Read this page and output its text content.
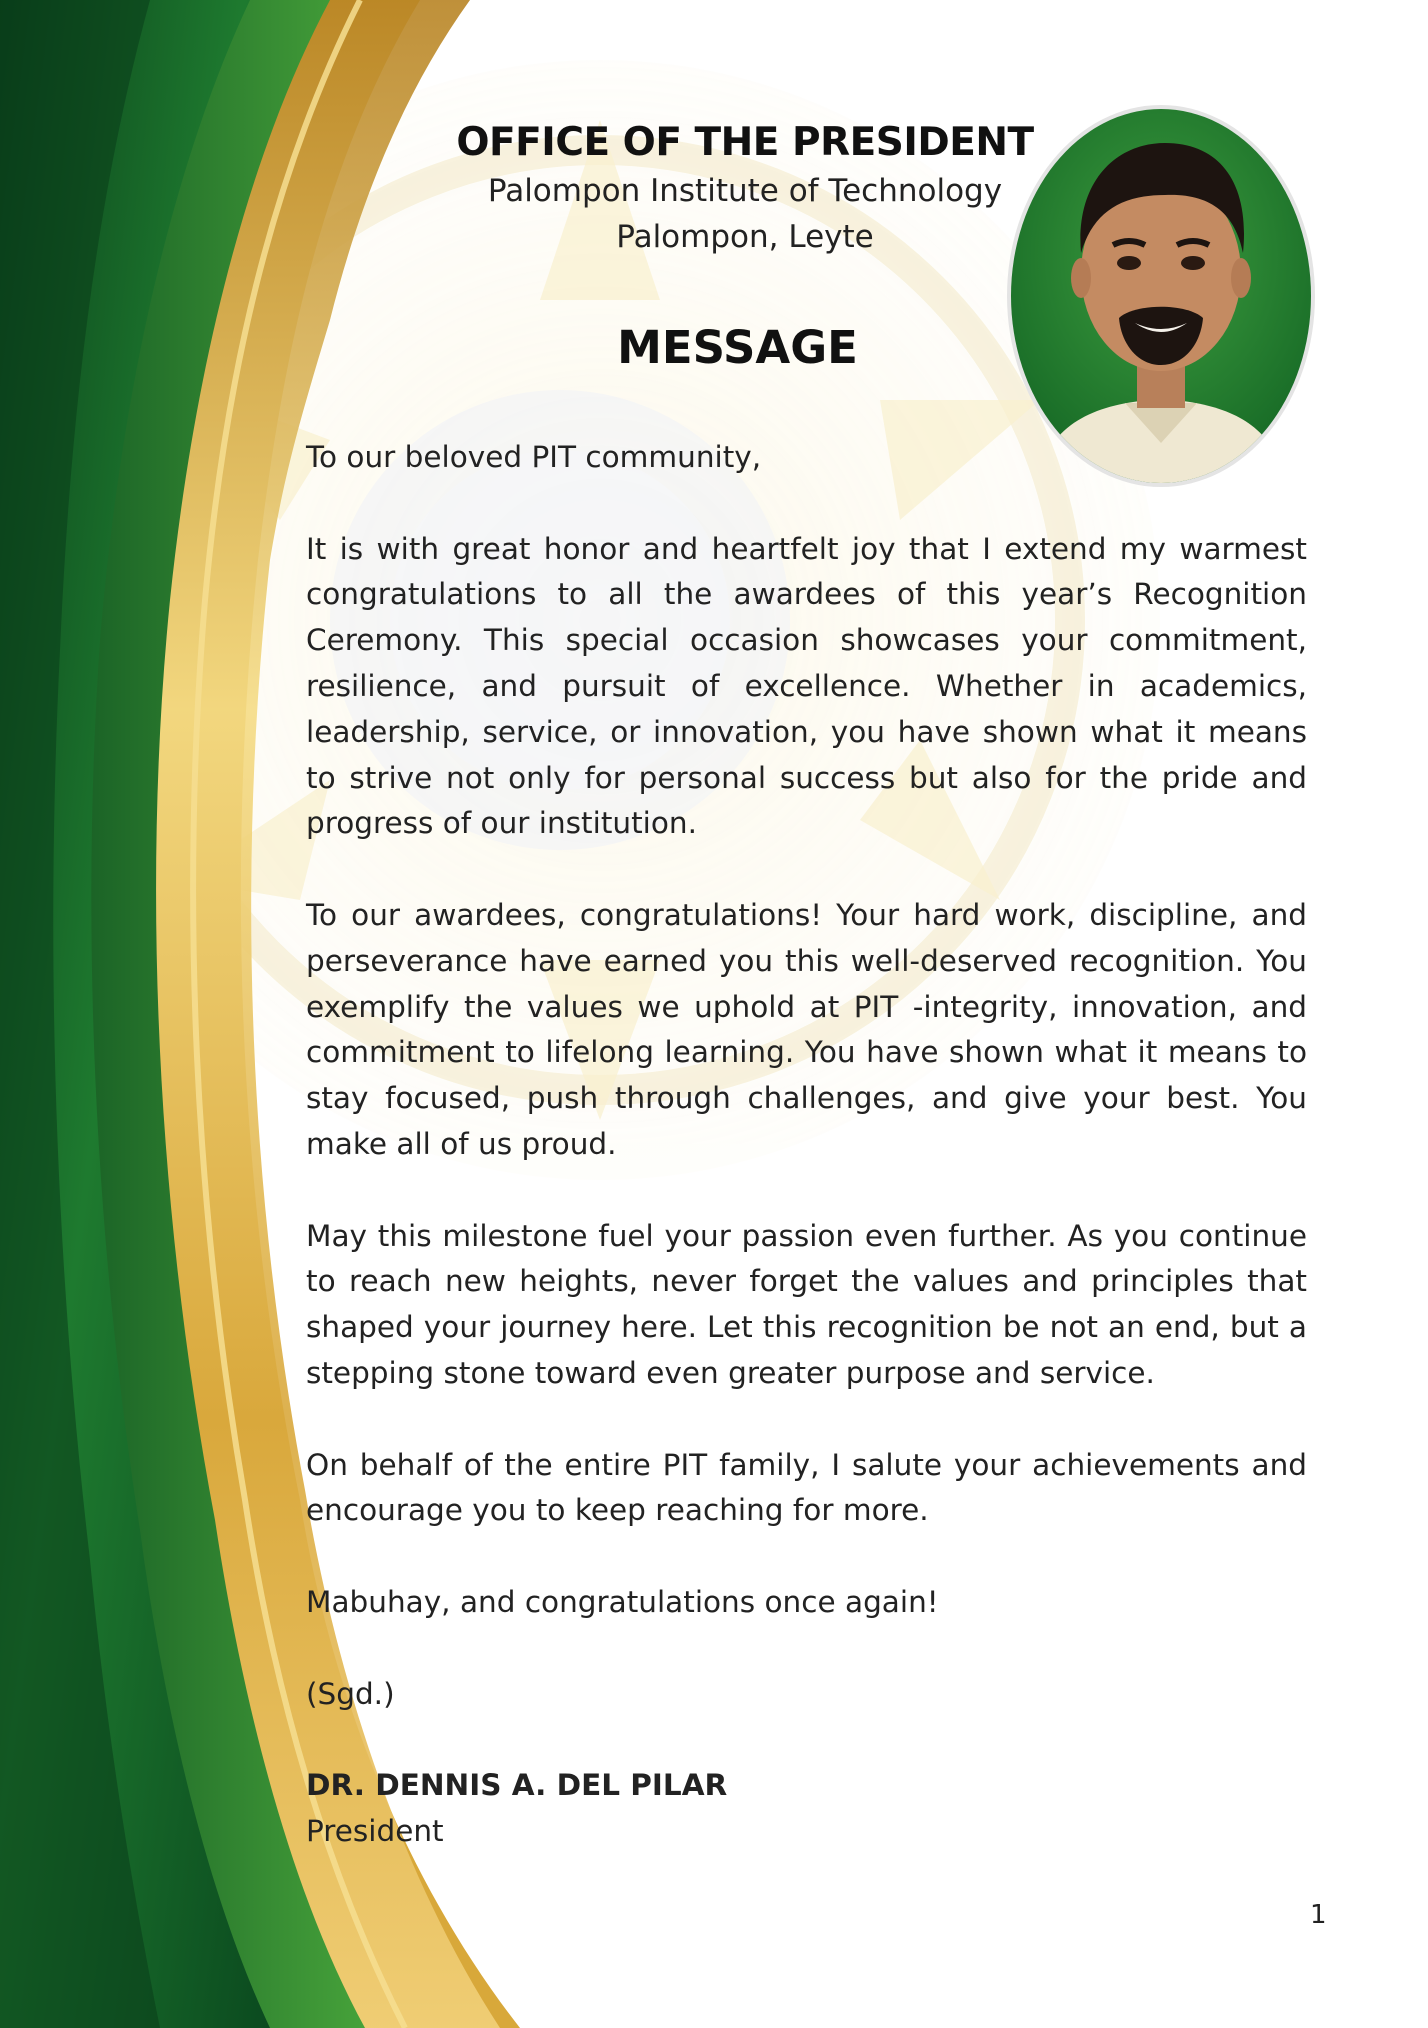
OFFICE OF THE PRESIDENT

Palompon Institute of Technology

Palompon, Leyte

MESSAGE

To our beloved PIT community,

It is with great honor and heartfelt joy that I extend my warmest congratulations to all the awardees of this year’s Recognition Ceremony. This special occasion showcases your commitment, resilience, and pursuit of excellence. Whether in academics, leadership, service, or innovation, you have shown what it means to strive not only for personal success but also for the pride and progress of our institution.

To our awardees, congratulations! Your hard work, discipline, and perseverance have earned you this well-deserved recognition. You exemplify the values we uphold at PIT -integrity, innovation, and commitment to lifelong learning. You have shown what it means to stay focused, push through challenges, and give your best. You make all of us proud.

May this milestone fuel your passion even further. As you continue to reach new heights, never forget the values and principles that shaped your journey here. Let this recognition be not an end, but a stepping stone toward even greater purpose and service.

On behalf of the entire PIT family, I salute your achievements and encourage you to keep reaching for more.

Mabuhay, and congratulations once again!

(Sgd.)

DR. DENNIS A. DEL PILAR

President

1
